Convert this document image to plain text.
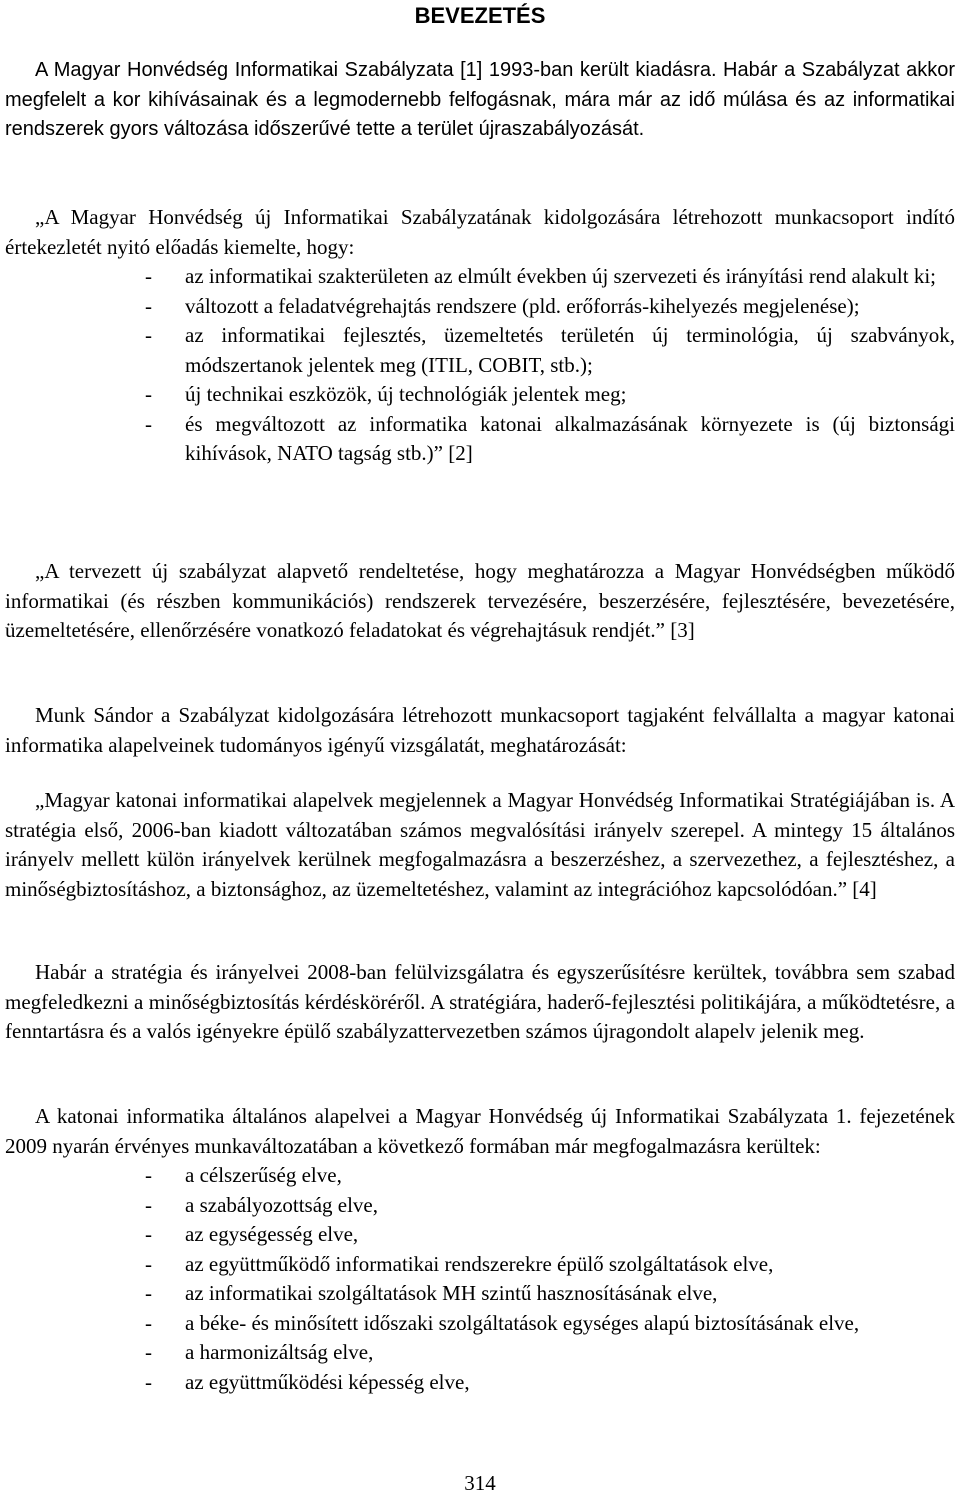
BEVEZETÉS

A Magyar Honvédség Informatikai Szabályzata [1] 1993-ban került kiadásra. Habár a Szabályzat akkor megfelelt a kor kihívásainak és a legmodernebb felfogásnak, mára már az idő múlása és az informatikai rendszerek gyors változása időszerűvé tette a terület újraszabályozását.

„A Magyar Honvédség új Informatikai Szabályzatának kidolgozására létrehozott munkacsoport indító értekezletét nyitó előadás kiemelte, hogy:

- az informatikai szakterületen az elmúlt években új szervezeti és irányítási rend alakult ki;
- változott a feladatvégrehajtás rendszere (pld. erőforrás-kihelyezés megjelenése);
- az informatikai fejlesztés, üzemeltetés területén új terminológia, új szabványok, módszertanok jelentek meg (ITIL, COBIT, stb.);
- új technikai eszközök, új technológiák jelentek meg;
- és megváltozott az informatika katonai alkalmazásának környezete is (új biztonsági kihívások, NATO tagság stb.)” [2]

„A tervezett új szabályzat alapvető rendeltetése, hogy meghatározza a Magyar Honvédségben működő informatikai (és részben kommunikációs) rendszerek tervezésére, beszerzésére, fejlesztésére, bevezetésére, üzemeltetésére, ellenőrzésére vonatkozó feladatokat és végrehajtásuk rendjét.” [3]

Munk Sándor a Szabályzat kidolgozására létrehozott munkacsoport tagjaként felvállalta a magyar katonai informatika alapelveinek tudományos igényű vizsgálatát, meghatározását:

„Magyar katonai informatikai alapelvek megjelennek a Magyar Honvédség Informatikai Stratégiájában is. A stratégia első, 2006-ban kiadott változatában számos megvalósítási irányelv szerepel. A mintegy 15 általános irányelv mellett külön irányelvek kerülnek megfogalmazásra a beszerzéshez, a szervezethez, a fejlesztéshez, a minőségbiztosításhoz, a biztonsághoz, az üzemeltetéshez, valamint az integrációhoz kapcsolódóan.” [4]

Habár a stratégia és irányelvei 2008-ban felülvizsgálatra és egyszerűsítésre kerültek, továbbra sem szabad megfeledkezni a minőségbiztosítás kérdésköréről. A stratégiára, haderő-fejlesztési politikájára, a működtetésre, a fenntartásra és a valós igényekre épülő szabályzattervezetben számos újragondolt alapelv jelenik meg.

A katonai informatika általános alapelvei a Magyar Honvédség új Informatikai Szabályzata 1. fejezetének 2009 nyarán érvényes munkaváltozatában a következő formában már megfogalmazásra kerültek:

- a célszerűség elve,
- a szabályozottság elve,
- az egységesség elve,
- az együttműködő informatikai rendszerekre épülő szolgáltatások elve,
- az informatikai szolgáltatások MH szintű hasznosításának elve,
- a béke- és minősített időszaki szolgáltatások egységes alapú biztosításának elve,
- a harmonizáltság elve,
- az együttműködési képesség elve,
314
